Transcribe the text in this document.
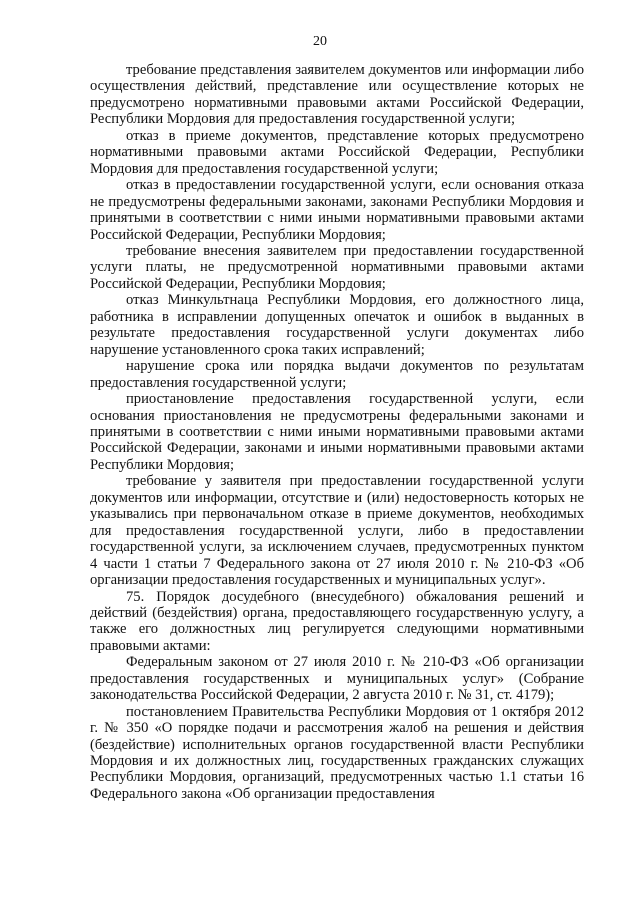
20

требование представления заявителем документов или информации либо осуществления действий, представление или осуществление которых не предусмотрено нормативными правовыми актами Российской Федерации, Республики Мордовия для предоставления государственной услуги;

отказ в приеме документов, представление которых предусмотрено нормативными правовыми актами Российской Федерации, Республики Мордовия для предоставления государственной услуги;

отказ в предоставлении государственной услуги, если основания отказа не предусмотрены федеральными законами, законами Республики Мордовия и принятыми в соответствии с ними иными нормативными правовыми актами Российской Федерации, Республики Мордовия;

требование внесения заявителем при предоставлении государственной услуги платы, не предусмотренной нормативными правовыми актами Российской Федерации, Республики Мордовия;

отказ Минкультнаца Республики Мордовия, его должностного лица, работника в исправлении допущенных опечаток и ошибок в выданных в результате предоставления государственной услуги документах либо нарушение установленного срока таких исправлений;

нарушение срока или порядка выдачи документов по результатам предоставления государственной услуги;

приостановление предоставления государственной услуги, если основания приостановления не предусмотрены федеральными законами и принятыми в соответствии с ними иными нормативными правовыми актами Российской Федерации, законами и иными нормативными правовыми актами Республики Мордовия;

требование у заявителя при предоставлении государственной услуги документов или информации, отсутствие и (или) недостоверность которых не указывались при первоначальном отказе в приеме документов, необходимых для предоставления государственной услуги, либо в предоставлении государственной услуги, за исключением случаев, предусмотренных пунктом 4 части 1 статьи 7 Федерального закона от 27 июля 2010 г. № 210-ФЗ «Об организации предоставления государственных и муниципальных услуг».

75. Порядок досудебного (внесудебного) обжалования решений и действий (бездействия) органа, предоставляющего государственную услугу, а также его должностных лиц регулируется следующими нормативными правовыми актами:

Федеральным законом от 27 июля 2010 г. № 210-ФЗ «Об организации предоставления государственных и муниципальных услуг» (Собрание законодательства Российской Федерации, 2 августа 2010 г. № 31, ст. 4179);

постановлением Правительства Республики Мордовия от 1 октября 2012 г. № 350 «О порядке подачи и рассмотрения жалоб на решения и действия (бездействие) исполнительных органов государственной власти Республики Мордовия и их должностных лиц, государственных гражданских служащих Республики Мордовия, организаций, предусмотренных частью 1.1 статьи 16 Федерального закона «Об организации предоставления
